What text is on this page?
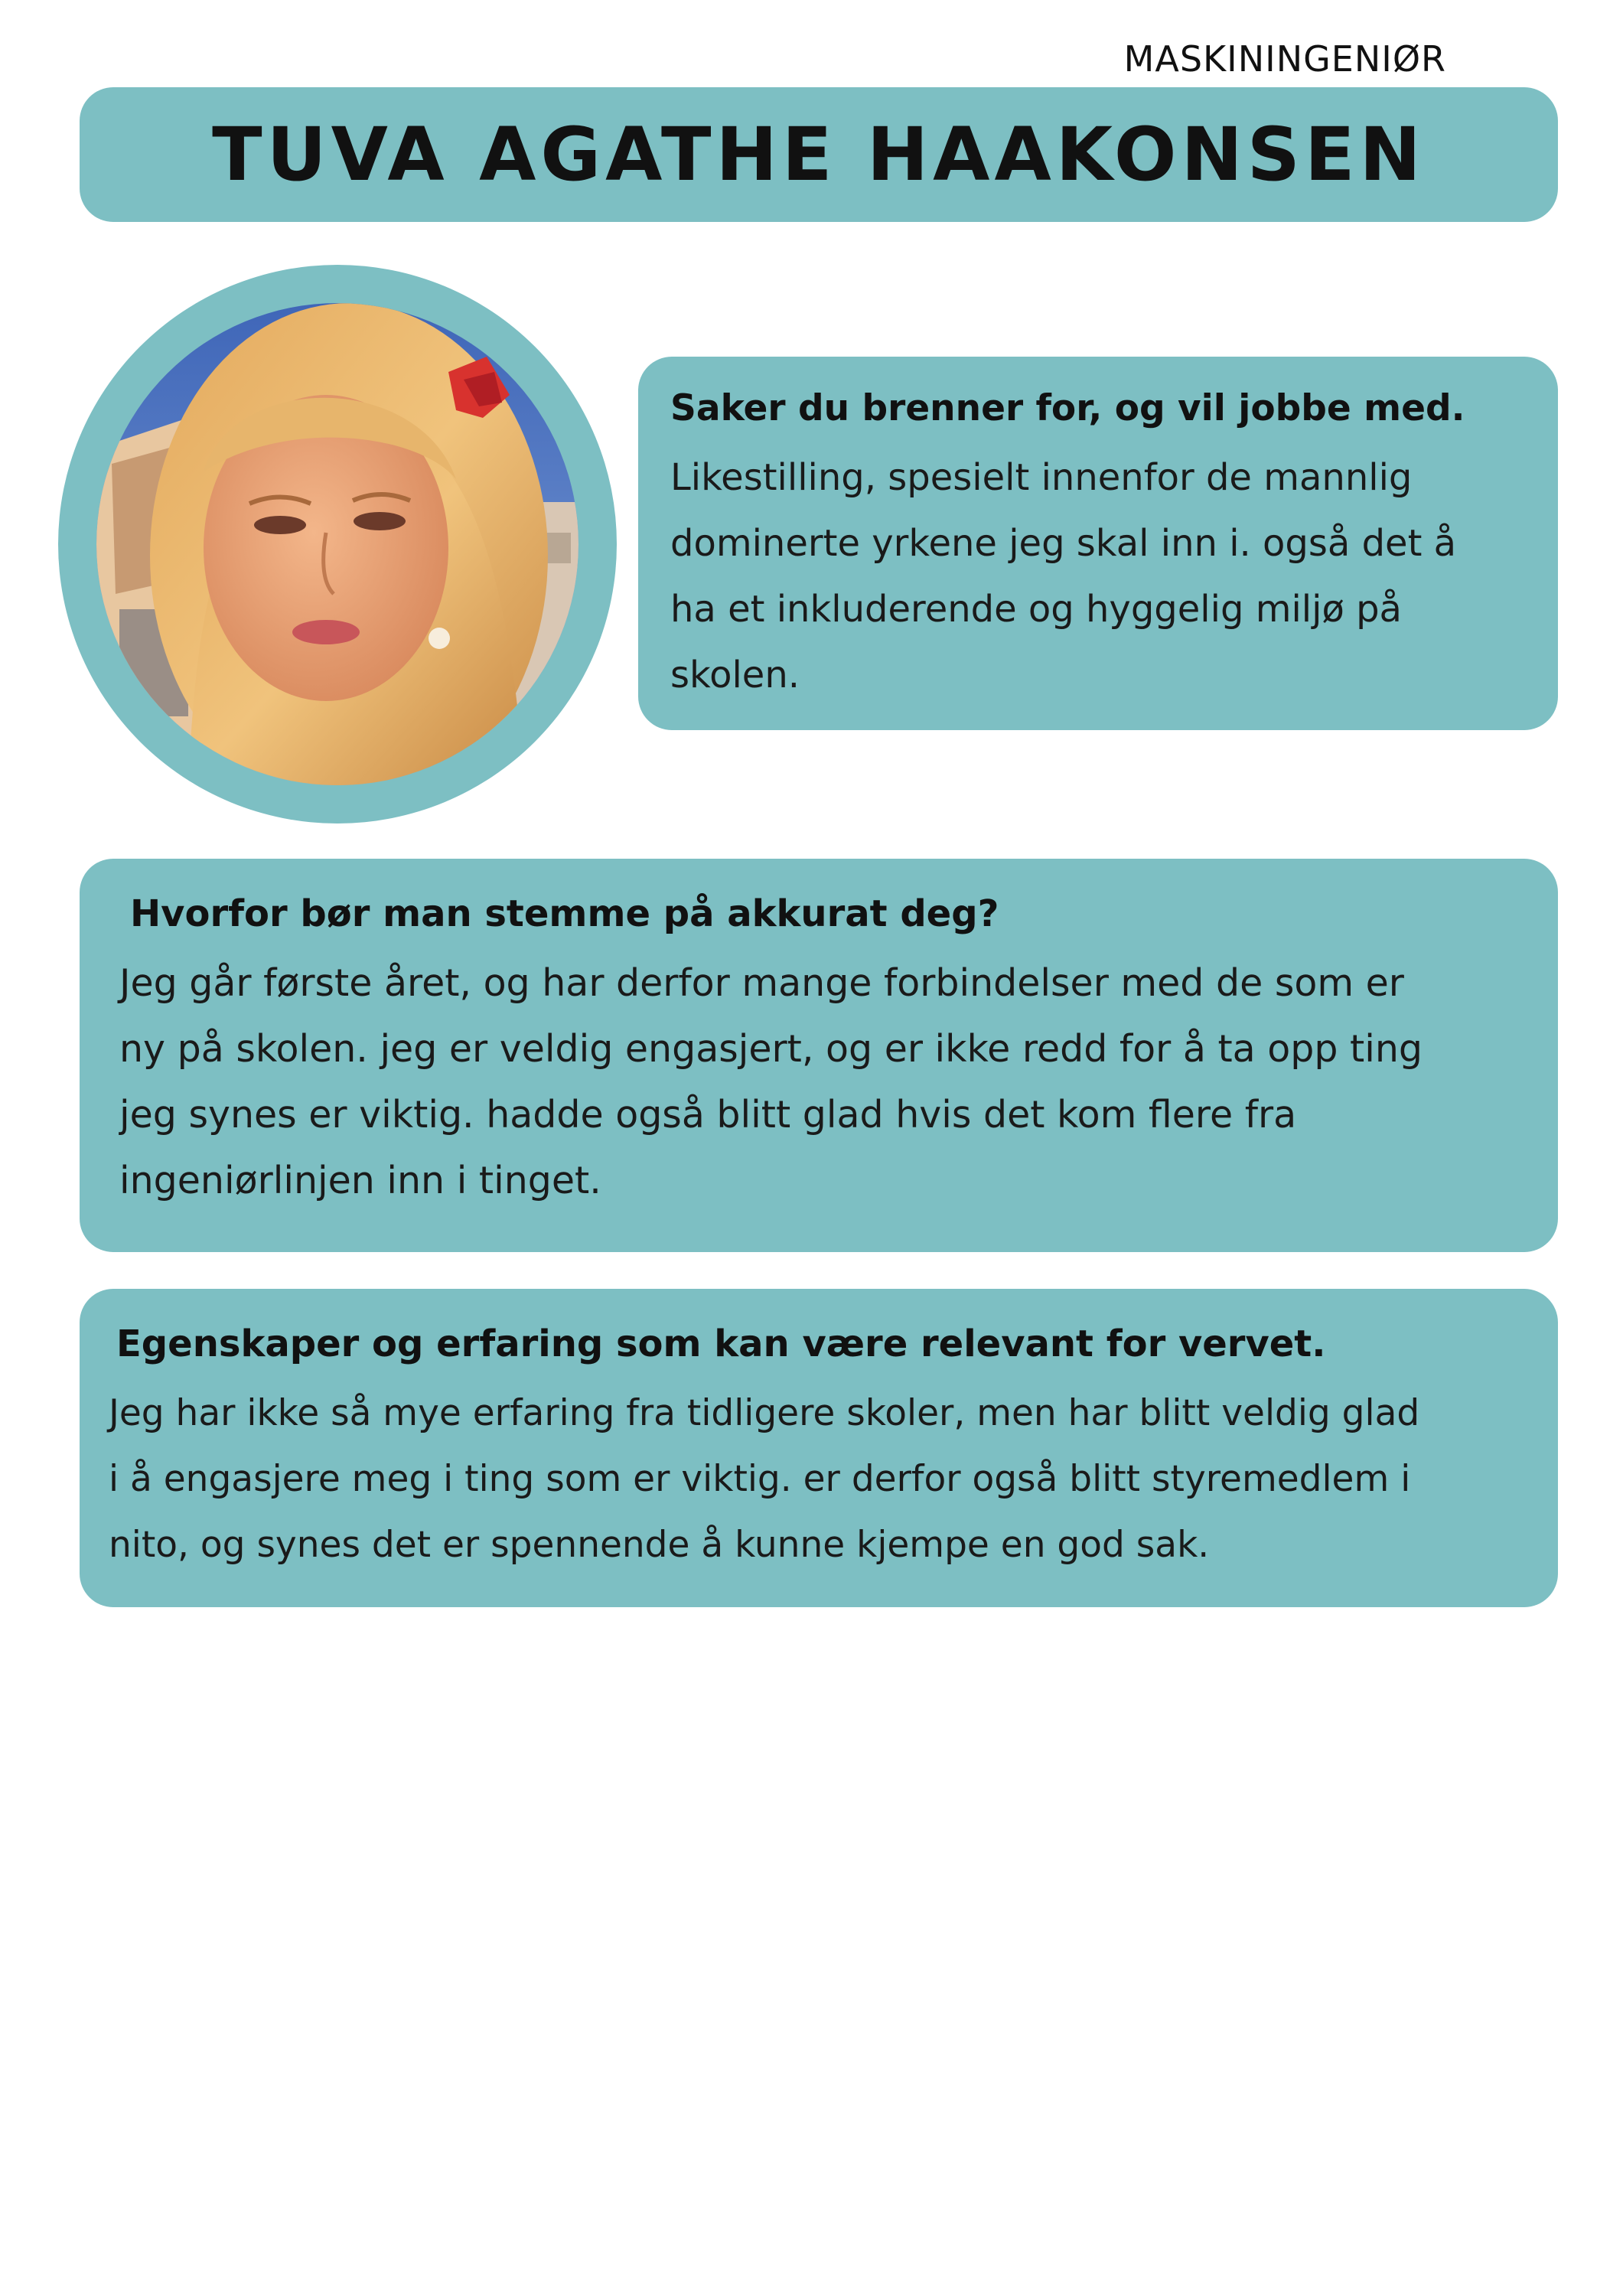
MASKININGENIØR
TUVA AGATHE HAAKONSEN
Saker du brenner for, og vil jobbe med.

Likestilling, spesielt innenfor de mannlig
dominerte yrkene jeg skal inn i. også det å
ha et inkluderende og hyggelig miljø på
skolen.

Hvorfor bør man stemme på akkurat deg?

Jeg går første året, og har derfor mange forbindelser med de som er
ny på skolen. jeg er veldig engasjert, og er ikke redd for å ta opp ting
jeg synes er viktig. hadde også blitt glad hvis det kom flere fra
ingeniørlinjen inn i tinget.

Egenskaper og erfaring som kan være relevant for vervet.

Jeg har ikke så mye erfaring fra tidligere skoler, men har blitt veldig glad
i å engasjere meg i ting som er viktig. er derfor også blitt styremedlem i
nito, og synes det er spennende å kunne kjempe en god sak.
